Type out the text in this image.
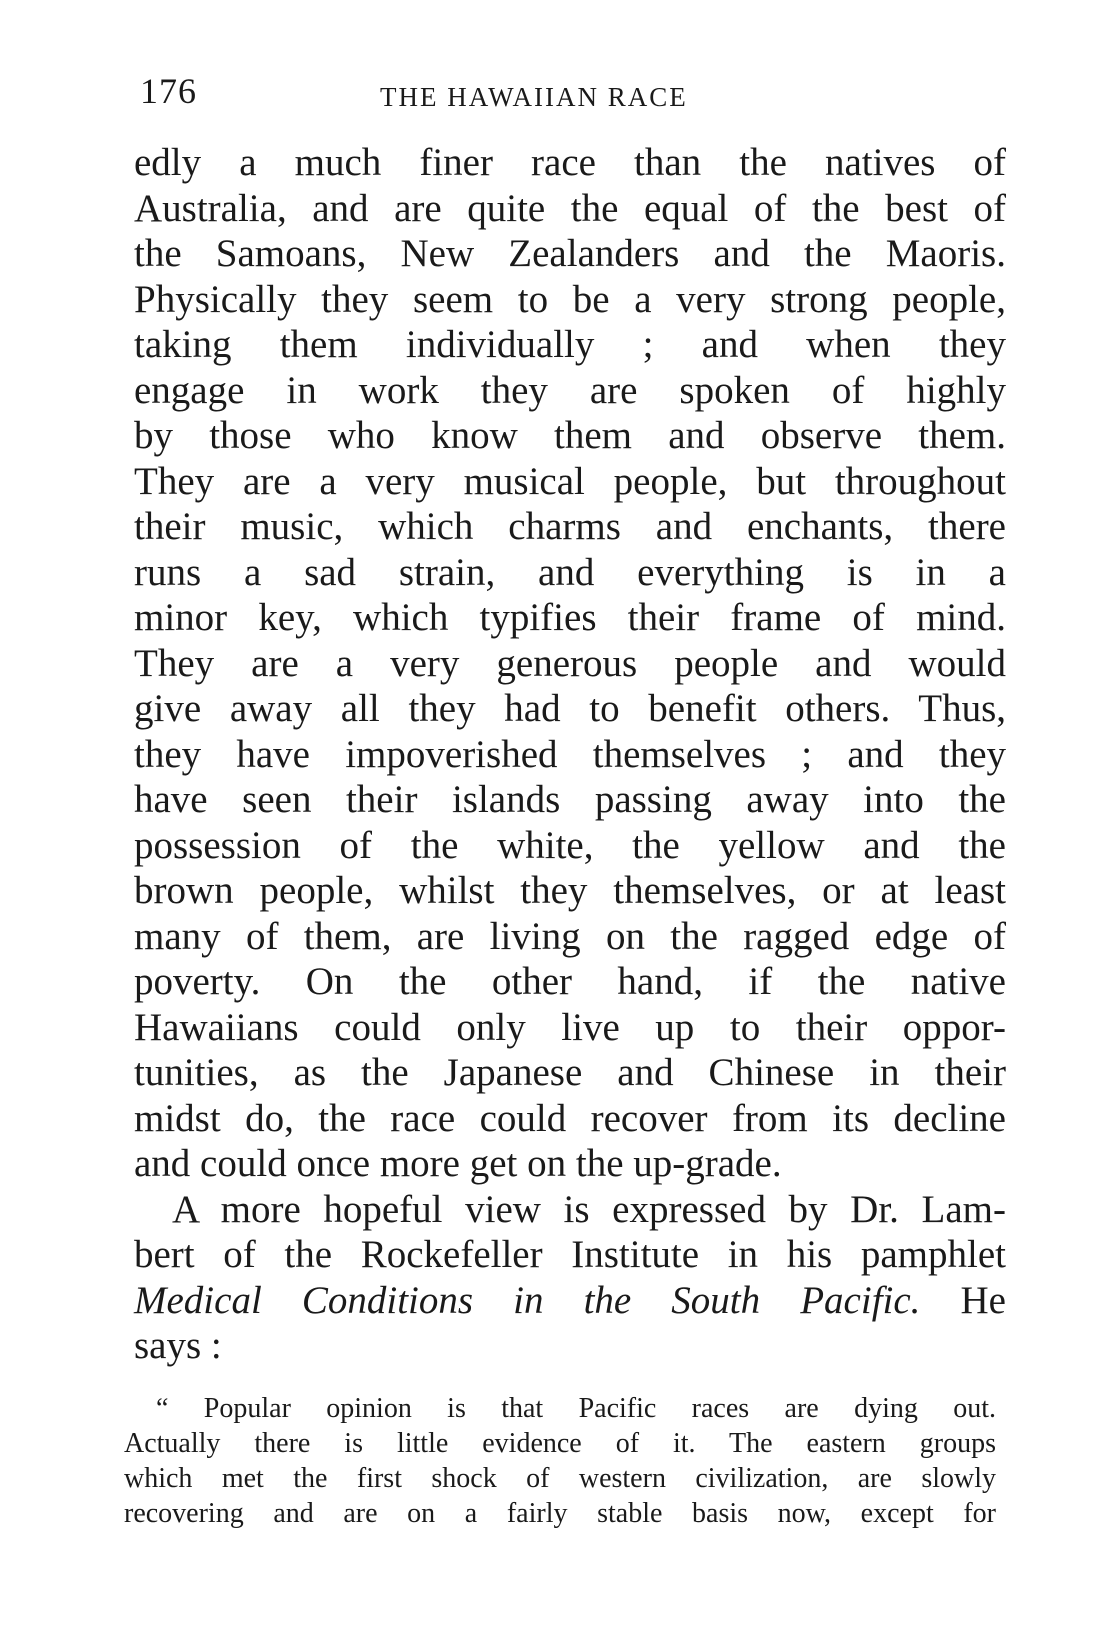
176	THE HAWAIIAN RACE
edly a much finer race than the natives of
Australia, and are quite the equal of the best of
the Samoans, New Zealanders and the Maoris.
Physically they seem to be a very strong people,
taking them individually ; and when they
engage in work they are spoken of highly
by those who know them and observe them.
They are a very musical people, but throughout
their music, which charms and enchants, there
runs a sad strain, and everything is in a
minor key, which typifies their frame of mind.
They are a very generous people and would
give away all they had to benefit others. Thus,
they have impoverished themselves ; and they
have seen their islands passing away into the
possession of the white, the yellow and the
brown people, whilst they themselves, or at least
many of them, are living on the ragged edge of
poverty. On the other hand, if the native
Hawaiians could only live up to their oppor-
tunities, as the Japanese and Chinese in their
midst do, the race could recover from its decline
and could once more get on the up-grade.
A more hopeful view is expressed by Dr. Lam-
bert of the Rockefeller Institute in his pamphlet
Medical Conditions in the South Pacific. He
says :
“ Popular opinion is that Pacific races are dying out.
Actually there is little evidence of it. The eastern groups
which met the first shock of western civilization, are slowly
recovering and are on a fairly stable basis now, except for
